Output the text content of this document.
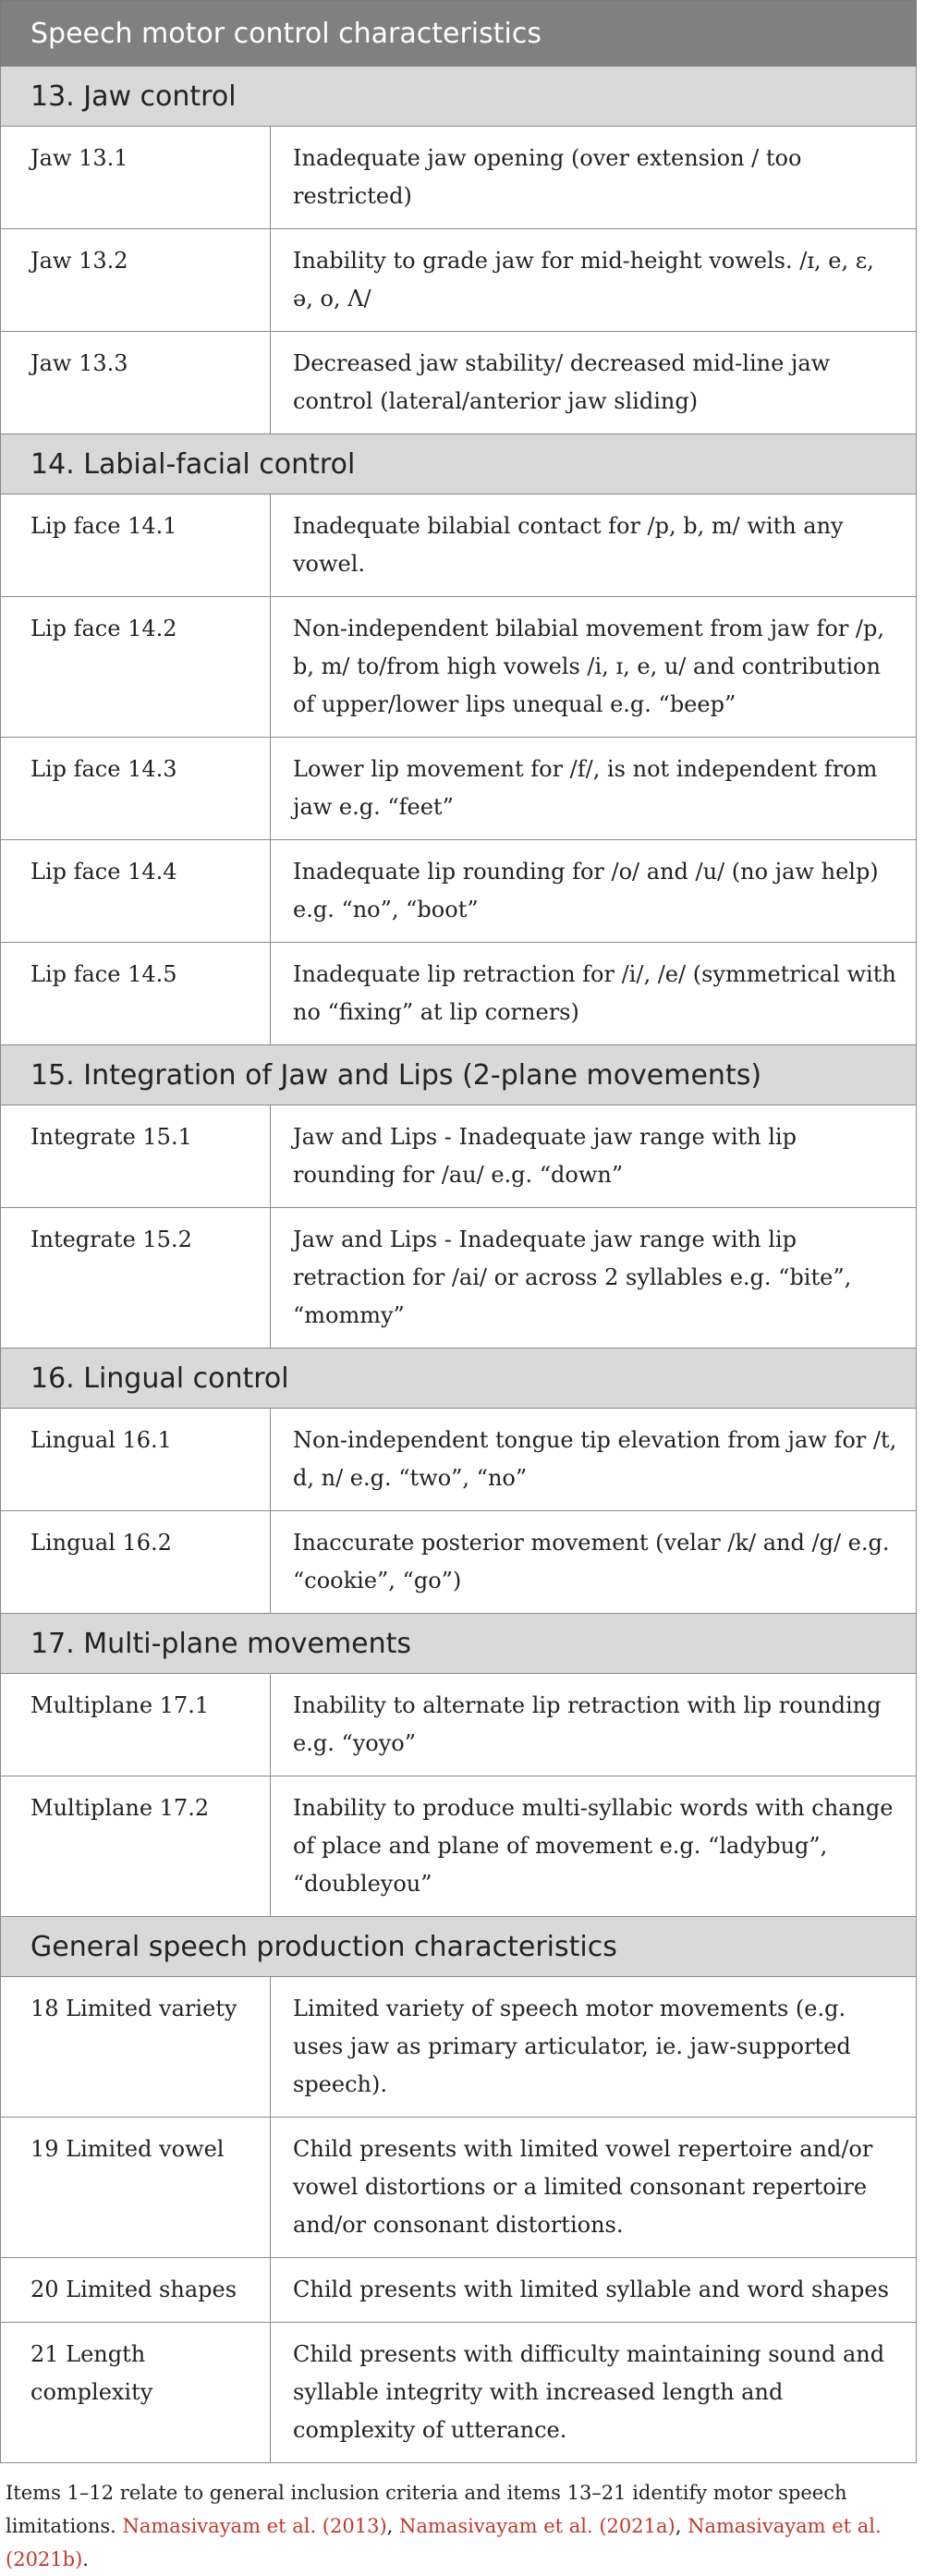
Speech motor control characteristics	
13. Jaw control	
Jaw 13.1	Inadequate jaw opening (over extension / too restricted)
Jaw 13.2	Inability to grade jaw for mid-height vowels. /ɪ, e, ɛ, ə, o, Λ/
Jaw 13.3	Decreased jaw stability/ decreased mid-line jaw control (lateral/anterior jaw sliding)
14. Labial-facial control	
Lip face 14.1	Inadequate bilabial contact for /p, b, m/ with any vowel.
Lip face 14.2	Non-independent bilabial movement from jaw for /p, b, m/ to/from high vowels /i, ɪ, e, u/ and contribution of upper/lower lips unequal e.g. “beep”
Lip face 14.3	Lower lip movement for /f/, is not independent from jaw e.g. “feet”
Lip face 14.4	Inadequate lip rounding for /o/ and /u/ (no jaw help) e.g. “no”, “boot”
Lip face 14.5	Inadequate lip retraction for /i/, /e/ (symmetrical with no “fixing” at lip corners)
15. Integration of Jaw and Lips (2-plane movements)	
Integrate 15.1	Jaw and Lips - Inadequate jaw range with lip rounding for /au/ e.g. “down”
Integrate 15.2	Jaw and Lips - Inadequate jaw range with lip retraction for /ai/ or across 2 syllables e.g. “bite”, “mommy”
16. Lingual control	
Lingual 16.1	Non-independent tongue tip elevation from jaw for /t, d, n/ e.g. “two”, “no”
Lingual 16.2	Inaccurate posterior movement (velar /k/ and /g/ e.g. “cookie”, “go”)
17. Multi-plane movements	
Multiplane 17.1	Inability to alternate lip retraction with lip rounding e.g. “yoyo”
Multiplane 17.2	Inability to produce multi-syllabic words with change of place and plane of movement e.g. “ladybug”, “doubleyou”
General speech production characteristics	
18 Limited variety	Limited variety of speech motor movements (e.g. uses jaw as primary articulator, ie. jaw-supported speech).
19 Limited vowel	Child presents with limited vowel repertoire and/or vowel distortions or a limited consonant repertoire and/or consonant distortions.
20 Limited shapes	Child presents with limited syllable and word shapes
21 Length complexity	Child presents with difficulty maintaining sound and syllable integrity with increased length and complexity of utterance.
Items 1–12 relate to general inclusion criteria and items 13–21 identify motor speech limitations. Namasivayam et al. (2013), Namasivayam et al. (2021a), Namasivayam et al. (2021b).
